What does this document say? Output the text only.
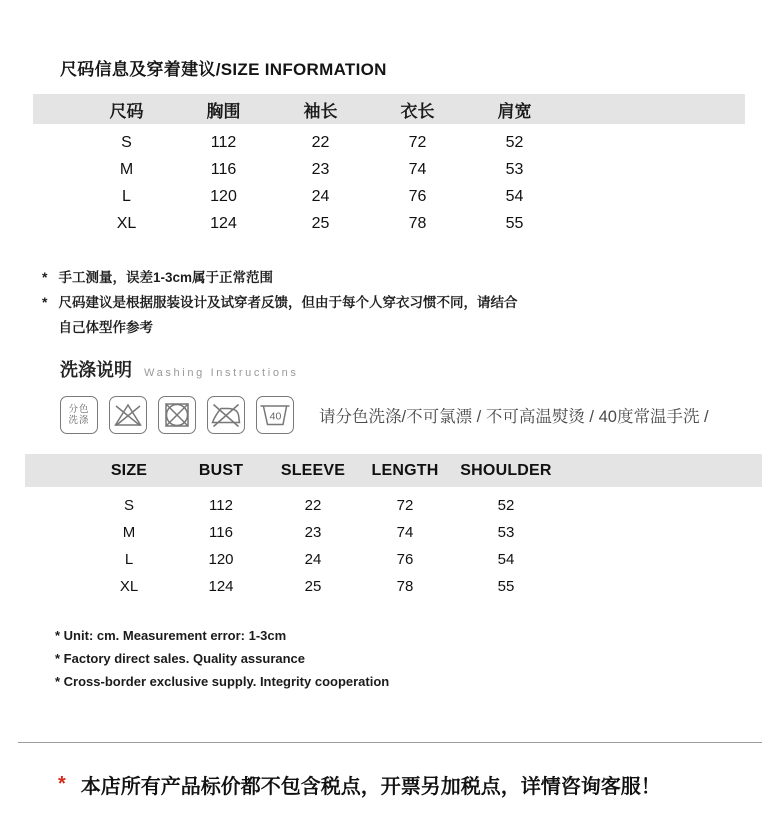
尺码信息及穿着建议/SIZE INFORMATION
尺码	胸围	袖长	衣长	肩宽
S	112	22	72	52
M	116	23	74	53
L	120	24	76	54
XL	124	25	78	55
* 手工测量，误差1-3cm属于正常范围
* 尺码建议是根据服装设计及试穿者反馈，但由于每个人穿衣习惯不同，请结合
自己体型作参考
洗涤说明 Washing Instructions
分色
洗涤	40 请分色洗涤/不可氯漂 / 不可高温熨烫 / 40度常温手洗 /
SIZE	BUST	SLEEVE	LENGTH	SHOULDER
S	112	22	72	52
M	116	23	74	53
L	120	24	76	54
XL	124	25	78	55
* Unit: cm. Measurement error: 1-3cm
* Factory direct sales. Quality assurance
* Cross-border exclusive supply. Integrity cooperation
* 本店所有产品标价都不包含税点，开票另加税点，详情咨询客服！
